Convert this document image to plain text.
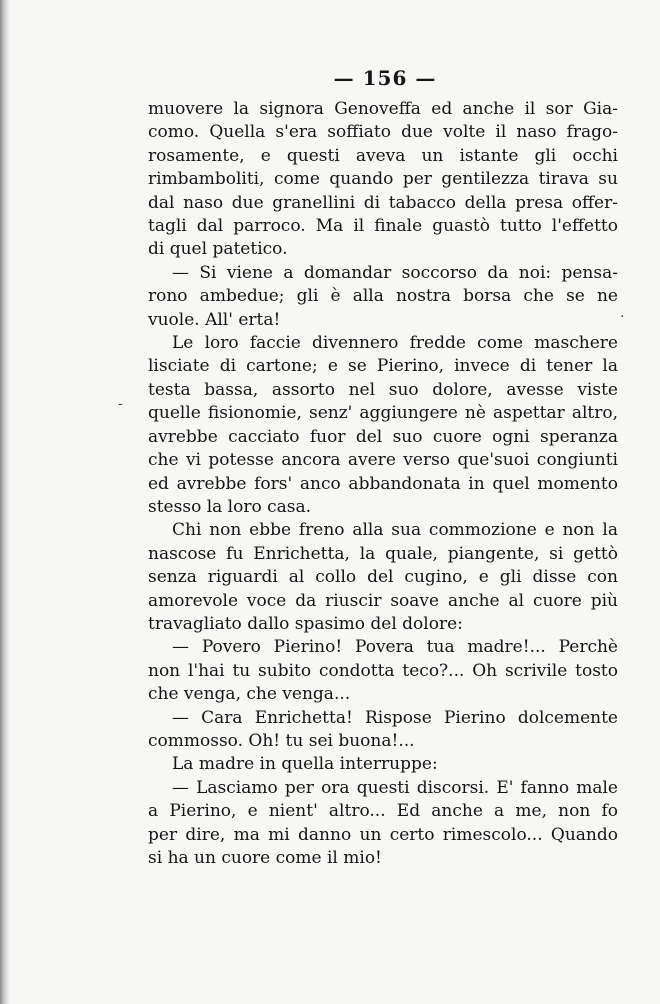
— 156 —
muovere la signora Genoveffa ed anche il sor Gia-
como. Quella s'era soffiato due volte il naso frago-
rosamente, e questi aveva un istante gli occhi
rimbamboliti, come quando per gentilezza tirava su
dal naso due granellini di tabacco della presa offer-
tagli dal parroco. Ma il finale guastò tutto l'effetto
di quel patetico.
— Si viene a domandar soccorso da noi: pensa-
rono ambedue; gli è alla nostra borsa che se ne
vuole. All' erta!
Le loro faccie divennero fredde come maschere
lisciate di cartone; e se Pierino, invece di tener la
testa bassa, assorto nel suo dolore, avesse viste
quelle fisionomie, senz' aggiungere nè aspettar altro,
avrebbe cacciato fuor del suo cuore ogni speranza
che vi potesse ancora avere verso que'suoi congiunti
ed avrebbe fors' anco abbandonata in quel momento
stesso la loro casa.
Chi non ebbe freno alla sua commozione e non la
nascose fu Enrichetta, la quale, piangente, si gettò
senza riguardi al collo del cugino, e gli disse con
amorevole voce da riuscir soave anche al cuore più
travagliato dallo spasimo del dolore:
— Povero Pierino! Povera tua madre!... Perchè
non l'hai tu subito condotta teco?... Oh scrivile tosto
che venga, che venga...
— Cara Enrichetta! Rispose Pierino dolcemente
commosso. Oh! tu sei buona!...
La madre in quella interruppe:
— Lasciamo per ora questi discorsi. E' fanno male
a Pierino, e nient' altro... Ed anche a me, non fo
per dire, ma mi danno un certo rimescolo... Quando
si ha un cuore come il mio!
.
-
